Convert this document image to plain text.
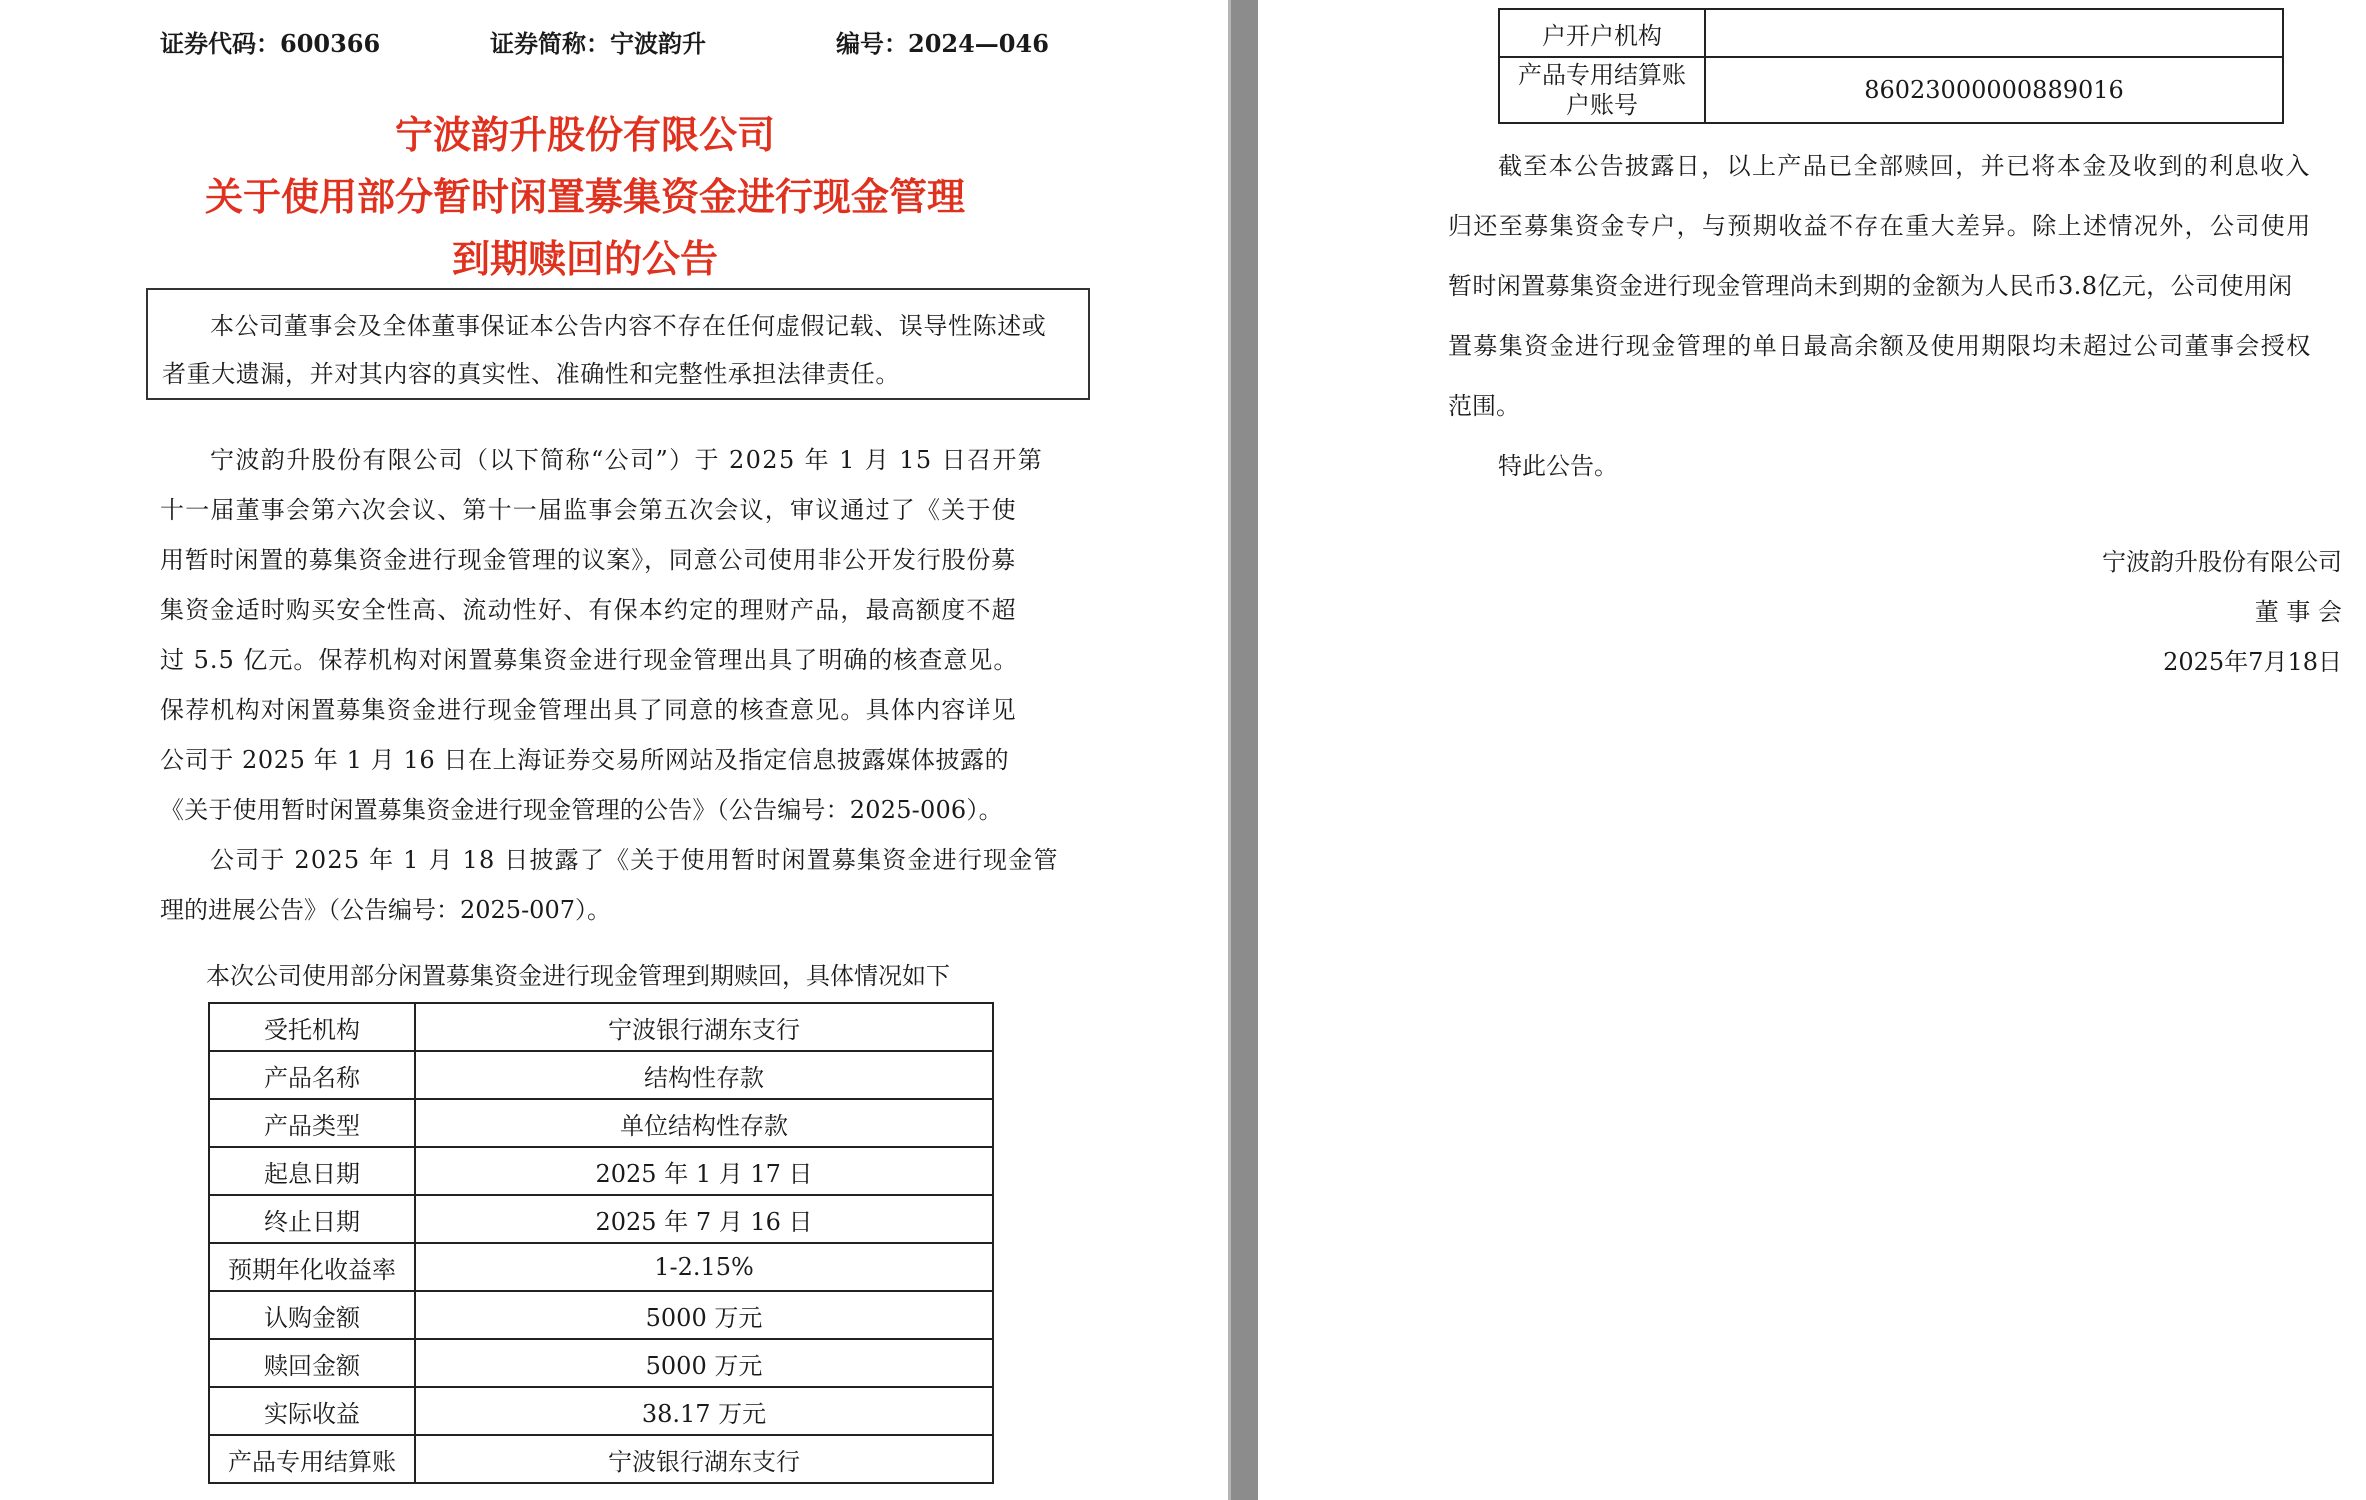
证券代码：600366	证券简称：宁波韵升	编号：2024—046
宁波韵升股份有限公司
关于使用部分暂时闲置募集资金进行现金管理
到期赎回的公告

本公司董事会及全体董事保证本公告内容不存在任何虚假记载、误导性陈述或

者重大遗漏，并对其内容的真实性、准确性和完整性承担法律责任。

宁波韵升股份有限公司（以下简称“公司”）于 2025 年 1 月 15 日召开第

十一届董事会第六次会议、第十一届监事会第五次会议，审议通过了《关于使

用暂时闲置的募集资金进行现金管理的议案》，同意公司使用非公开发行股份募

集资金适时购买安全性高、流动性好、有保本约定的理财产品，最高额度不超

过 5.5 亿元。保荐机构对闲置募集资金进行现金管理出具了明确的核查意见。

保荐机构对闲置募集资金进行现金管理出具了同意的核查意见。具体内容详见

公司于 2025 年 1 月 16 日在上海证券交易所网站及指定信息披露媒体披露的

《关于使用暂时闲置募集资金进行现金管理的公告》（公告编号：2025-006）。

公司于 2025 年 1 月 18 日披露了《关于使用暂时闲置募集资金进行现金管

理的进展公告》（公告编号：2025-007）。

本次公司使用部分闲置募集资金进行现金管理到期赎回，具体情况如下

受托机构	宁波银行湖东支行
产品名称	结构性存款
产品类型	单位结构性存款
起息日期	2025 年 1 月 17 日
终止日期	2025 年 7 月 16 日
预期年化收益率	1-2.15%
认购金额	5000 万元
赎回金额	5000 万元
实际收益	38.17 万元
产品专用结算账	宁波银行湖东支行
户开户机构	

产品专用结算账
户账号	86023000000889016

截至本公告披露日，以上产品已全部赎回，并已将本金及收到的利息收入

归还至募集资金专户，与预期收益不存在重大差异。除上述情况外，公司使用

暂时闲置募集资金进行现金管理尚未到期的金额为人民币3.8亿元，公司使用闲

置募集资金进行现金管理的单日最高余额及使用期限均未超过公司董事会授权

范围。

特此公告。

宁波韵升股份有限公司
董 事 会
2025年7月18日
